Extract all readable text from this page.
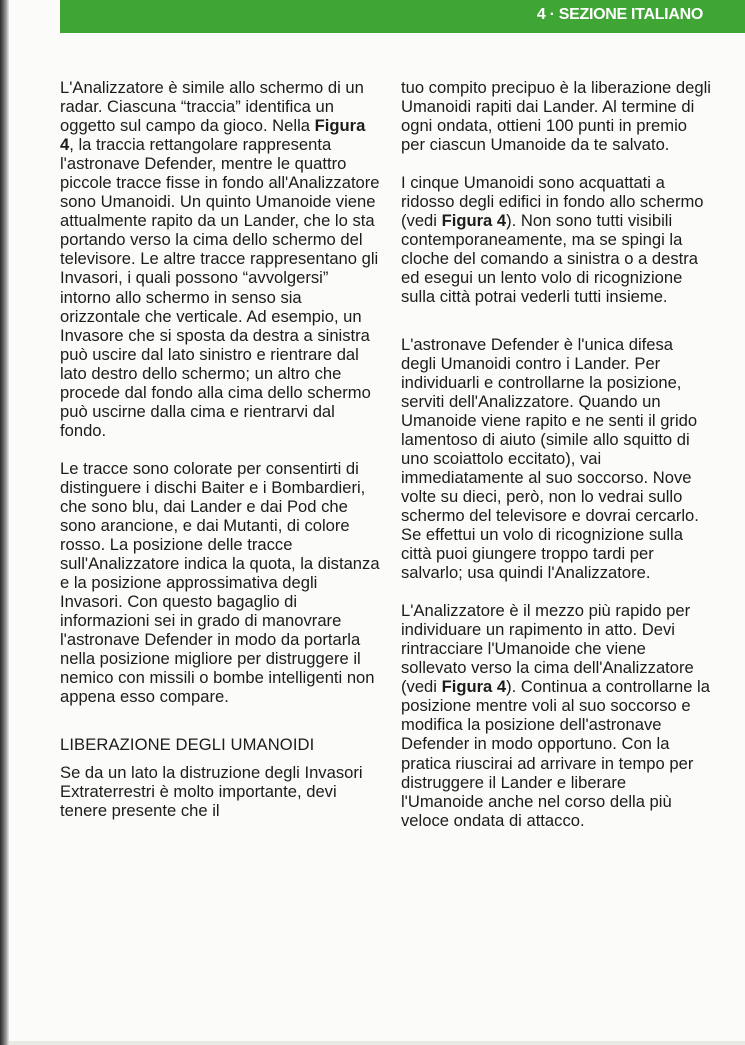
4 · SEZIONE ITALIANO

L'Analizzatore è simile allo schermo di un radar. Ciascuna “traccia” identifica un oggetto sul campo da gioco. Nella Figura 4, la traccia rettangolare rappresenta l'astronave Defender, mentre le quattro piccole tracce fisse in fondo all'Analizzatore sono Umanoidi. Un quinto Umanoide viene attualmente rapito da un Lander, che lo sta portando verso la cima dello schermo del televisore. Le altre tracce rappresentano gli Invasori, i quali possono “avvolgersi” intorno allo schermo in senso sia orizzontale che verticale. Ad esempio, un Invasore che si sposta da destra a sinistra può uscire dal lato sinistro e rientrare dal lato destro dello schermo; un altro che procede dal fondo alla cima dello schermo può uscirne dalla cima e rientrarvi dal fondo.

Le tracce sono colorate per consentirti di distinguere i dischi Baiter e i Bombardieri, che sono blu, dai Lander e dai Pod che sono arancione, e dai Mutanti, di colore rosso. La posizione delle tracce sull'Analizzatore indica la quota, la distanza e la posizione approssimativa degli Invasori. Con questo bagaglio di informazioni sei in grado di manovrare l'astronave Defender in modo da portarla nella posizione migliore per distruggere il nemico con missili o bombe intelligenti non appena esso compare.

LIBERAZIONE DEGLI UMANOIDI

Se da un lato la distruzione degli Invasori Extraterrestri è molto importante, devi tenere presente che il

tuo compito precipuo è la liberazione degli Umanoidi rapiti dai Lander. Al termine di ogni ondata, ottieni 100 punti in premio per ciascun Umanoide da te salvato.

I cinque Umanoidi sono acquattati a ridosso degli edifici in fondo allo schermo (vedi Figura 4). Non sono tutti visibili contemporaneamente, ma se spingi la cloche del comando a sinistra o a destra ed esegui un lento volo di ricognizione sulla città potrai vederli tutti insieme.

L'astronave Defender è l'unica difesa degli Umanoidi contro i Lander. Per individuarli e controllarne la posizione, serviti dell'Analizzatore. Quando un Umanoide viene rapito e ne senti il grido lamentoso di aiuto (simile allo squitto di uno scoiattolo eccitato), vai immediatamente al suo soccorso. Nove volte su dieci, però, non lo vedrai sullo schermo del televisore e dovrai cercarlo. Se effettui un volo di ricognizione sulla città puoi giungere troppo tardi per salvarlo; usa quindi l'Analizzatore.

L'Analizzatore è il mezzo più rapido per individuare un rapimento in atto. Devi rintracciare l'Umanoide che viene sollevato verso la cima dell'Analizzatore (vedi Figura 4). Continua a controllarne la posizione mentre voli al suo soccorso e modifica la posizione dell'astronave Defender in modo opportuno. Con la pratica riuscirai ad arrivare in tempo per distruggere il Lander e liberare l'Umanoide anche nel corso della più veloce ondata di attacco.
